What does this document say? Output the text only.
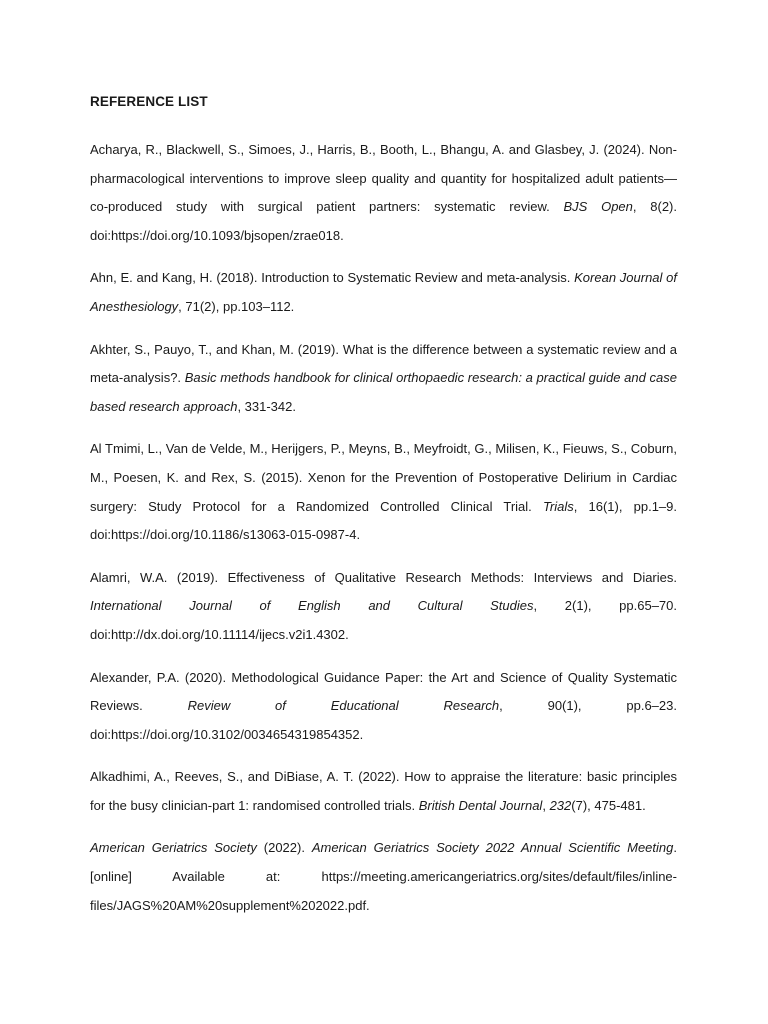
REFERENCE LIST

Acharya, R., Blackwell, S., Simoes, J., Harris, B., Booth, L., Bhangu, A. and Glasbey, J. (2024). Non-pharmacological interventions to improve sleep quality and quantity for hospitalized adult patients—co-produced study with surgical patient partners: systematic review. BJS Open, 8(2). doi:https://doi.org/10.1093/bjsopen/zrae018.

Ahn, E. and Kang, H. (2018). Introduction to Systematic Review and meta-analysis. Korean Journal of Anesthesiology, 71(2), pp.103–112.

Akhter, S., Pauyo, T., and Khan, M. (2019). What is the difference between a systematic review and a meta-analysis?. Basic methods handbook for clinical orthopaedic research: a practical guide and case based research approach, 331-342.

Al Tmimi, L., Van de Velde, M., Herijgers, P., Meyns, B., Meyfroidt, G., Milisen, K., Fieuws, S., Coburn, M., Poesen, K. and Rex, S. (2015). Xenon for the Prevention of Postoperative Delirium in Cardiac surgery: Study Protocol for a Randomized Controlled Clinical Trial. Trials, 16(1), pp.1–9. doi:https://doi.org/10.1186/s13063-015-0987-4.

Alamri, W.A. (2019). Effectiveness of Qualitative Research Methods: Interviews and Diaries. International Journal of English and Cultural Studies, 2(1), pp.65–70. doi:http://dx.doi.org/10.11114/ijecs.v2i1.4302.

Alexander, P.A. (2020). Methodological Guidance Paper: the Art and Science of Quality Systematic Reviews. Review of Educational Research, 90(1), pp.6–23. doi:https://doi.org/10.3102/0034654319854352.

Alkadhimi, A., Reeves, S., and DiBiase, A. T. (2022). How to appraise the literature: basic principles for the busy clinician-part 1: randomised controlled trials. British Dental Journal, 232(7), 475-481.

American Geriatrics Society (2022). American Geriatrics Society 2022 Annual Scientific Meeting. [online] Available at: https://meeting.americangeriatrics.org/sites/default/files/inline-files/JAGS%20AM%20supplement%202022.pdf.
